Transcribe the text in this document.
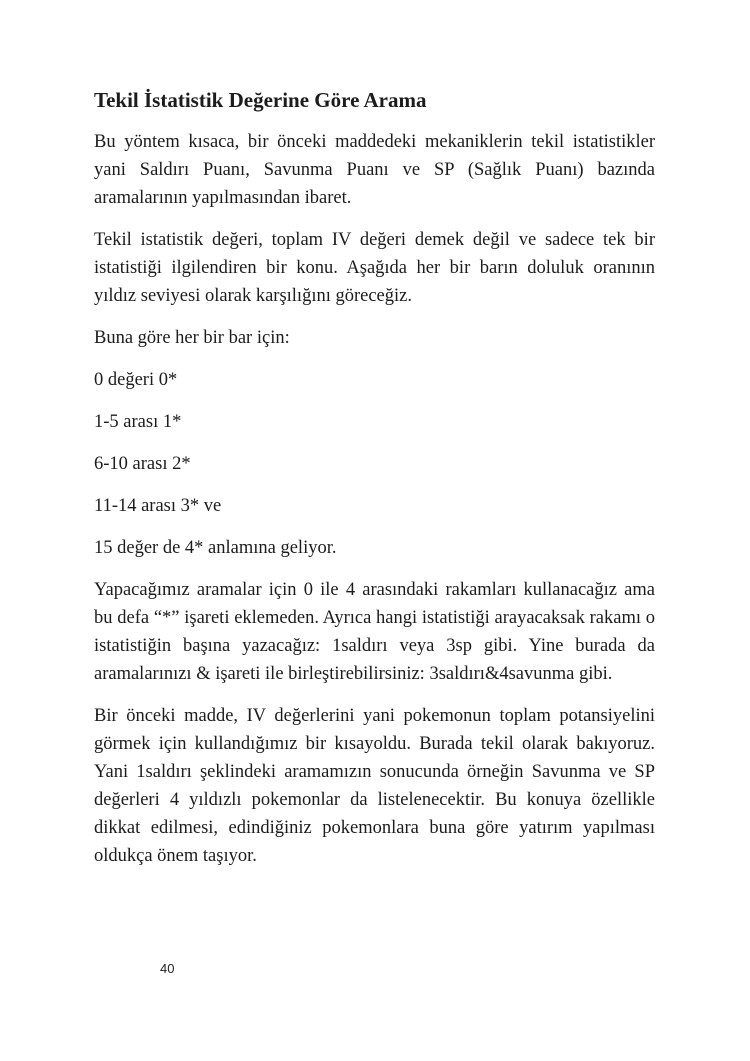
Tekil İstatistik Değerine Göre Arama

Bu yöntem kısaca, bir önceki maddedeki mekaniklerin tekil istatistikler yani Saldırı Puanı, Savunma Puanı ve SP (Sağlık Puanı) bazında aramalarının yapılmasından ibaret.

Tekil istatistik değeri, toplam IV değeri demek değil ve sadece tek bir istatistiği ilgilendiren bir konu. Aşağıda her bir barın doluluk oranının yıldız seviyesi olarak karşılığını göreceğiz.

Buna göre her bir bar için:

0 değeri 0*
1-5 arası 1*
6-10 arası 2*
11-14 arası 3* ve
15 değer de 4* anlamına geliyor.

Yapacağımız aramalar için 0 ile 4 arasındaki rakamları kullanacağız ama bu defa “*” işareti eklemeden. Ayrıca hangi istatistiği arayacaksak rakamı o istatistiğin başına yazacağız: 1saldırı veya 3sp gibi. Yine burada da aramalarınızı & işareti ile birleştirebilirsiniz: 3saldırı&4savunma gibi.

Bir önceki madde, IV değerlerini yani pokemonun toplam potansiyelini görmek için kullandığımız bir kısayoldu. Burada tekil olarak bakıyoruz. Yani 1saldırı şeklindeki aramamızın sonucunda örneğin Savunma ve SP değerleri 4 yıldızlı pokemonlar da listelenecektir. Bu konuya özellikle dikkat edilmesi, edindiğiniz pokemonlara buna göre yatırım yapılması oldukça önem taşıyor.

40
